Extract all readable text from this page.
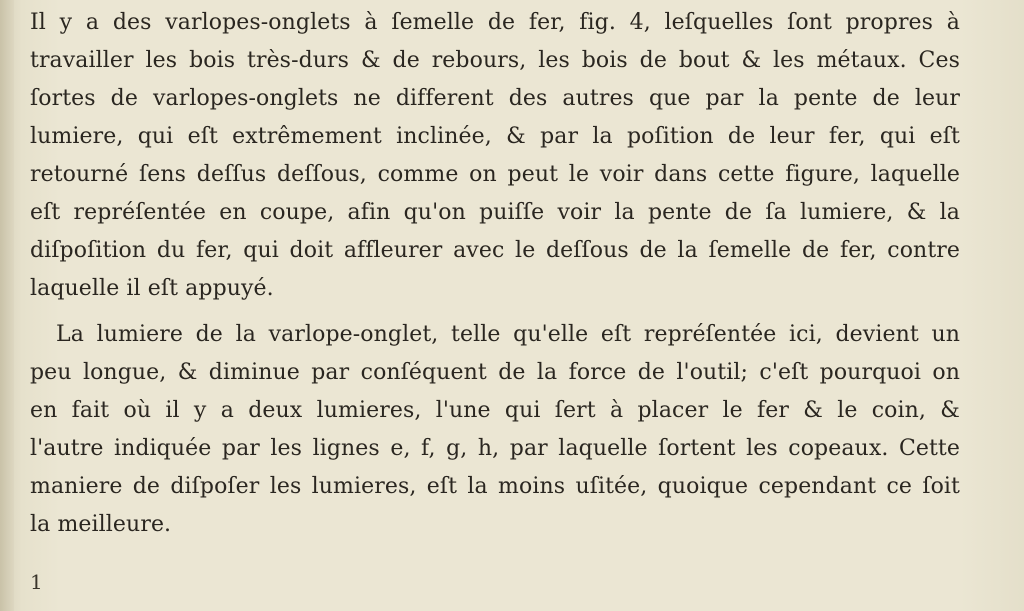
Il y a des varlopes-onglets à ſemelle de fer, fig. 4, leſquelles ſont propres à
travailler les bois très-durs & de rebours, les bois de bout & les métaux. Ces
ſortes de varlopes-onglets ne different des autres que par la pente de leur
lumiere, qui eſt extrêmement inclinée, & par la poſition de leur fer, qui eſt
retourné ſens deſſus deſſous, comme on peut le voir dans cette figure, laquelle
eſt repréſentée en coupe, afin qu'on puiſſe voir la pente de ſa lumiere, & la
diſpoſition du fer, qui doit affleurer avec le deſſous de la ſemelle de fer, contre
laquelle il eſt appuyé.
La lumiere de la varlope-onglet, telle qu'elle eſt repréſentée ici, devient un
peu longue, & diminue par conſéquent de la force de l'outil; c'eſt pourquoi on
en fait où il y a deux lumieres, l'une qui ſert à placer le fer & le coin, &
l'autre indiquée par les lignes e, f, g, h, par laquelle ſortent les copeaux. Cette
maniere de diſpoſer les lumieres, eſt la moins uſitée, quoique cependant ce ſoit
la meilleure.
1
